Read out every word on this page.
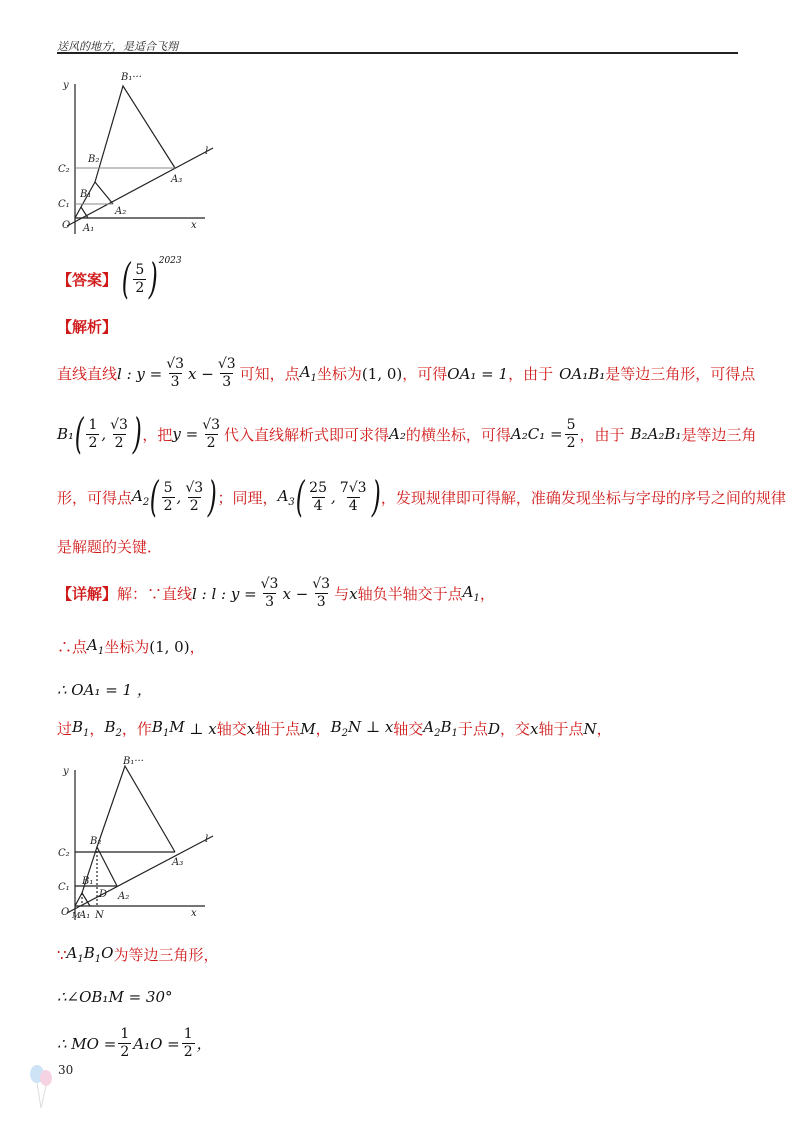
送风的地方，是适合飞翔
y
x
O
l
B₁···
B₂
B₁
C₁
C₂
A₁
A₂
A₃
【答案】 ( $\frac{5}{2} )^{2023}$
【解析】
直线直线 l : $y = \frac{√3}{3}$ $x - \frac{√3}{3}$ 可知，点 $A_1$ 坐标为 (1, 0) ，可得 OA₁ = 1 ，由于 OA₁B₁ 是等边三角形，可得点
B₁ ( $\frac{1}{2}$ , $\frac{√3}{2}$ ) ，把 $y = \frac{√3}{2}$ 代入直线解析式即可求得 A₂ 的横坐标，可得 $A_2C_1 = \frac{5}{2}$ ，由于 B₂A₂B₁ 是等边三角
形，可得点 $A_2$ ( $\frac{5}{2}$ , $\frac{√3}{2}$ ) ；同理， $A_3$ ( $\frac{25}{4}$ , $\frac{7√3}{4}$ ) ，发现规律即可得解，准确发现坐标与字母的序号之间的规律
是解题的关键．
【详解】 解：∵直线 l :
l : $y = \frac{√3}{3}$ $x - \frac{√3}{3}$ 与 x 轴负半轴交于点 $A_1$ ，
∴点 $A_1$ 坐标为 (1, 0) ，
∴ OA₁ = 1 ，
过 $B_1$ ， $B_2$ ，作 $B_1M$
⊥
x 轴交 x 轴于点 M ， $B_2N$ ⊥ x 轴交 $A_2B_1$ 于点 D ，交 x 轴于点 N ，
y
x
O
l
B₁···
B₂
B₁
C₁
C₂
A₁
A₂
A₃
D
M N
∵ $A_1B_1O$ 为等边三角形，
∴∠OB₁M = 30°
∴ MO = $\frac{1}{2} A_1O = \frac{1}{2}$ ，
30
